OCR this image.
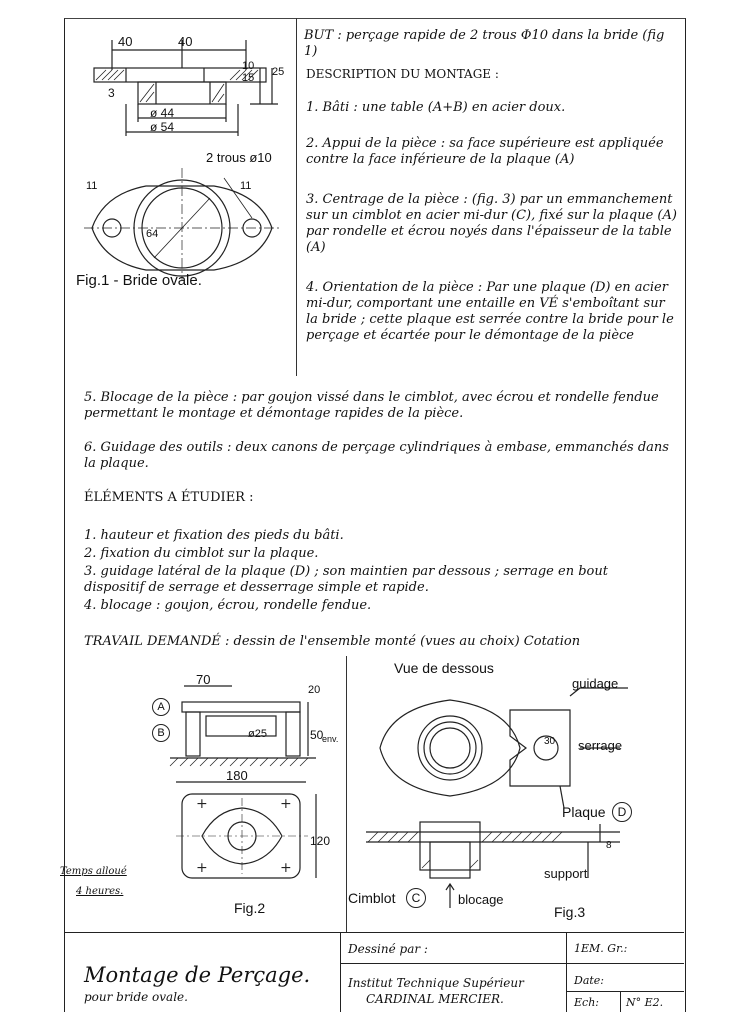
40	40
ø 44
ø 54
15
10 25
3
2 trous ø10
11	11
64
Fig.1 - Bride ovale.
BUT : perçage rapide de 2 trous Φ10 dans la bride (fig 1)
DESCRIPTION DU MONTAGE :
1. Bâti : une table (A+B) en acier doux.
2. Appui de la pièce : sa face supérieure est appliquée contre la face inférieure de la plaque (A)
3. Centrage de la pièce : (fig. 3) par un emmanchement sur un cimblot en acier mi-dur (C), fixé sur la plaque (A) par rondelle et écrou noyés dans l'épaisseur de la table (A)
4. Orientation de la pièce : Par une plaque (D) en acier mi-dur, comportant une entaille en VÉ s'emboîtant sur la bride ; cette plaque est serrée contre la bride pour le perçage et écartée pour le démontage de la pièce
5. Blocage de la pièce : par goujon vissé dans le cimblot, avec écrou et rondelle fendue permettant le montage et démontage rapides de la pièce.
6. Guidage des outils : deux canons de perçage cylindriques à embase, emmanchés dans la plaque.
ÉLÉMENTS A ÉTUDIER :
1. hauteur et fixation des pieds du bâti.
2. fixation du cimblot sur la plaque.
3. guidage latéral de la plaque (D) ; son maintien par dessous ; serrage en bout dispositif de serrage et desserrage simple et rapide.
4. blocage : goujon, écrou, rondelle fendue.
TRAVAIL DEMANDÉ : dessin de l'ensemble monté (vues au choix) Cotation
+	+
+	+
70
20
50
env.
ø25
180
120
A
B
Fig.2
Temps alloué
4 heures.
Vue de dessous
guidage
serrage
Plaque	D
support
Cimblot	C	blocage
Fig.3
30
8
Montage de Perçage.
pour bride ovale.
Dessiné par :
Institut Technique Supérieur
CARDINAL MERCIER.
1EM. Gr.:
Date:
Ech: N° E2.
